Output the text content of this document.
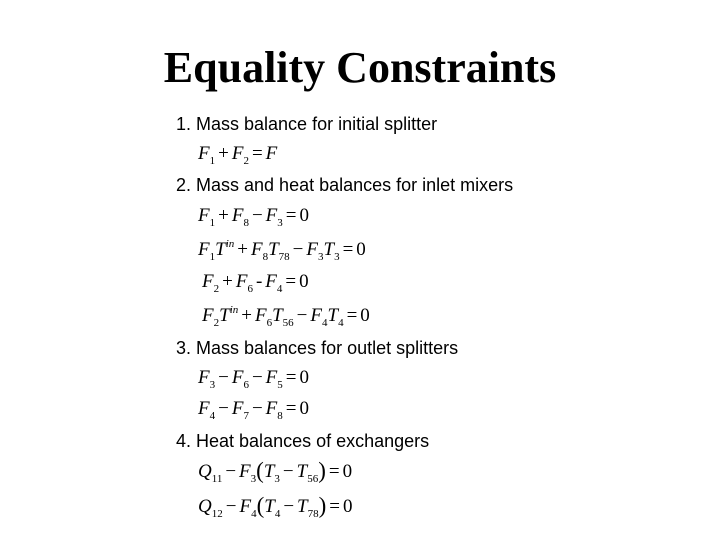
Equality Constraints
1. Mass balance for initial splitter
$F_1 + F_2 = F$
2. Mass and heat balances for inlet mixers
$F_1 + F_8 - F_3 = 0$
$F_1T^{in} + F_8T_{78} - F_3T_3 = 0$
$F_2 + F_6 - F_4 = 0$
$F_2T^{in} + F_6T_{56} - F_4T_4 = 0$
3. Mass balances for outlet splitters
$F_3 - F_6 - F_5 = 0$
$F_4 - F_7 - F_8 = 0$
4. Heat balances of exchangers
$Q_{11} - F_3(T_3 - T_{56}) = 0$
$Q_{12} - F_4(T_4 - T_{78}) = 0$
